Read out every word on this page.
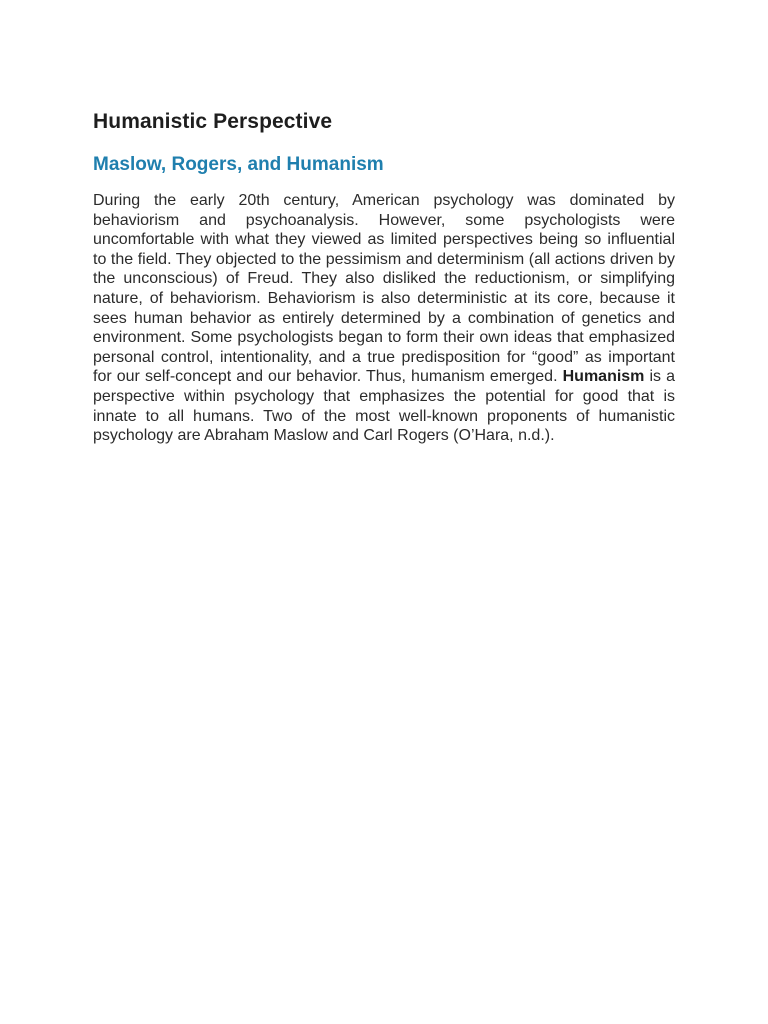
Humanistic Perspective
Maslow, Rogers, and Humanism

During the early 20th century, American psychology was dominated by behaviorism and psychoanalysis. However, some psychologists were uncomfortable with what they viewed as limited perspectives being so influential to the field. They objected to the pessimism and determinism (all actions driven by the unconscious) of Freud. They also disliked the reductionism, or simplifying nature, of behaviorism. Behaviorism is also deterministic at its core, because it sees human behavior as entirely determined by a combination of genetics and environment. Some psychologists began to form their own ideas that emphasized personal control, intentionality, and a true predisposition for “good” as important for our self-concept and our behavior. Thus, humanism emerged. Humanism is a perspective within psychology that emphasizes the potential for good that is innate to all humans. Two of the most well-known proponents of humanistic psychology are Abraham Maslow and Carl Rogers (O’Hara, n.d.).
